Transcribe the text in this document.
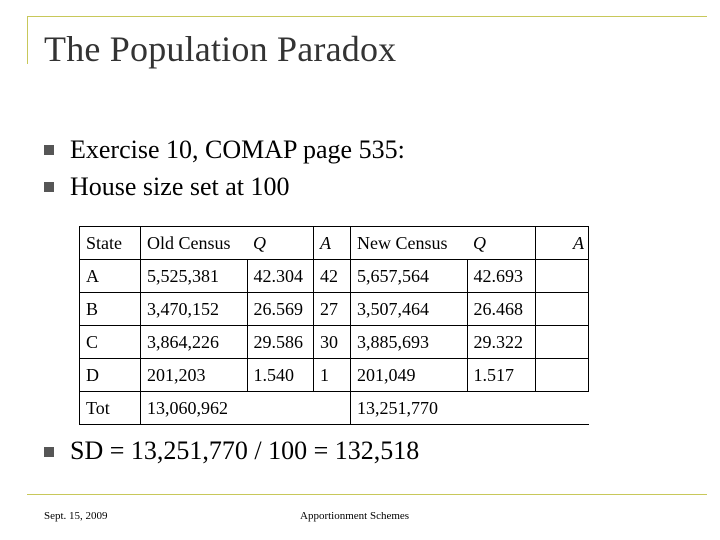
The Population Paradox
Exercise 10, COMAP page 535:
House size set at 100
State	Old Census	Q	A	New Census	Q	A
A	5,525,381	42.304	42	5,657,564	42.693	
B	3,470,152	26.569	27	3,507,464	26.468	
C	3,864,226	29.586	30	3,885,693	29.322	
D	201,203	1.540	1	201,049	1.517	
Tot	13,060,962			13,251,770		
SD = 13,251,770 / 100 = 132,518
Sept. 15, 2009	Apportionment Schemes
